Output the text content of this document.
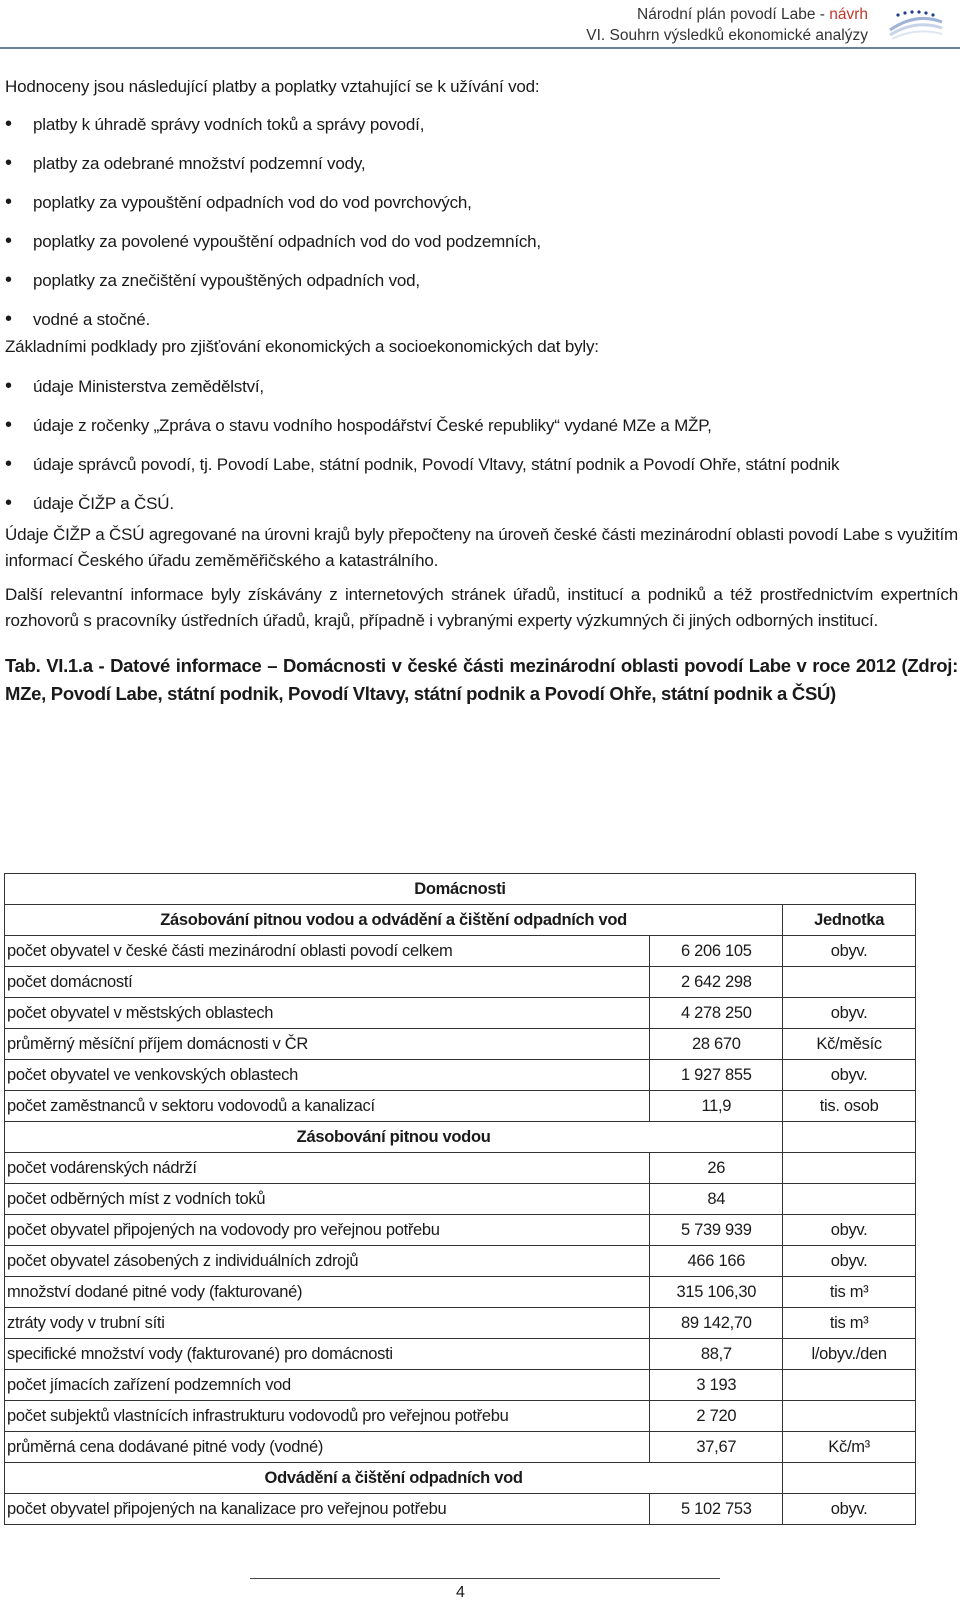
Národní plán povodí Labe - návrh
VI. Souhrn výsledků ekonomické analýzy

Hodnoceny jsou následující platby a poplatky vztahující se k užívání vod:

• platby k úhradě správy vodních toků a správy povodí,
• platby za odebrané množství podzemní vody,
• poplatky za vypouštění odpadních vod do vod povrchových,
• poplatky za povolené vypouštění odpadních vod do vod podzemních,
• poplatky za znečištění vypouštěných odpadních vod,
• vodné a stočné.

Základními podklady pro zjišťování ekonomických a socioekonomických dat byly:

• údaje Ministerstva zemědělství,
• údaje z ročenky „Zpráva o stavu vodního hospodářství České republiky“ vydané MZe a MŽP,
• údaje správců povodí, tj. Povodí Labe, státní podnik, Povodí Vltavy, státní podnik a Povodí Ohře, státní podnik
• údaje ČIŽP a ČSÚ.

Údaje ČIŽP a ČSÚ agregované na úrovni krajů byly přepočteny na úroveň české části mezinárodní oblasti povodí Labe s využitím informací Českého úřadu zeměměřičského a katastrálního.

Další relevantní informace byly získávány z internetových stránek úřadů, institucí a podniků a též prostřednictvím expertních rozhovorů s pracovníky ústředních úřadů, krajů, případně i vybranými experty výzkumných či jiných odborných institucí.

Tab. VI.1.a - Datové informace – Domácnosti v české části mezinárodní oblasti povodí Labe v roce 2012 (Zdroj: MZe, Povodí Labe, státní podnik, Povodí Vltavy, státní podnik a Povodí Ohře, státní podnik a ČSÚ)

Domácnosti		
Zásobování pitnou vodou a odvádění a čištění odpadních vod		Jednotka
počet obyvatel v české části mezinárodní oblasti povodí celkem	6 206 105	obyv.
počet domácností	2 642 298	
počet obyvatel v městských oblastech	4 278 250	obyv.
průměrný měsíční příjem domácnosti v ČR	28 670	Kč/měsíc
počet obyvatel ve venkovských oblastech	1 927 855	obyv.
počet zaměstnanců v sektoru vodovodů a kanalizací	11,9	tis. osob
Zásobování pitnou vodou		
počet vodárenských nádrží	26	
počet odběrných míst z vodních toků	84	
počet obyvatel připojených na vodovody pro veřejnou potřebu	5 739 939	obyv.
počet obyvatel zásobených z individuálních zdrojů	466 166	obyv.
množství dodané pitné vody (fakturované)	315 106,30	tis m³
ztráty vody v trubní síti	89 142,70	tis m³
specifické množství vody (fakturované) pro domácnosti	88,7	l/obyv./den
počet jímacích zařízení podzemních vod	3 193	
počet subjektů vlastnících infrastrukturu vodovodů pro veřejnou potřebu	2 720	
průměrná cena dodávané pitné vody (vodné)	37,67	Kč/m³
Odvádění a čištění odpadních vod		
počet obyvatel připojených na kanalizace pro veřejnou potřebu	5 102 753	obyv.
4
